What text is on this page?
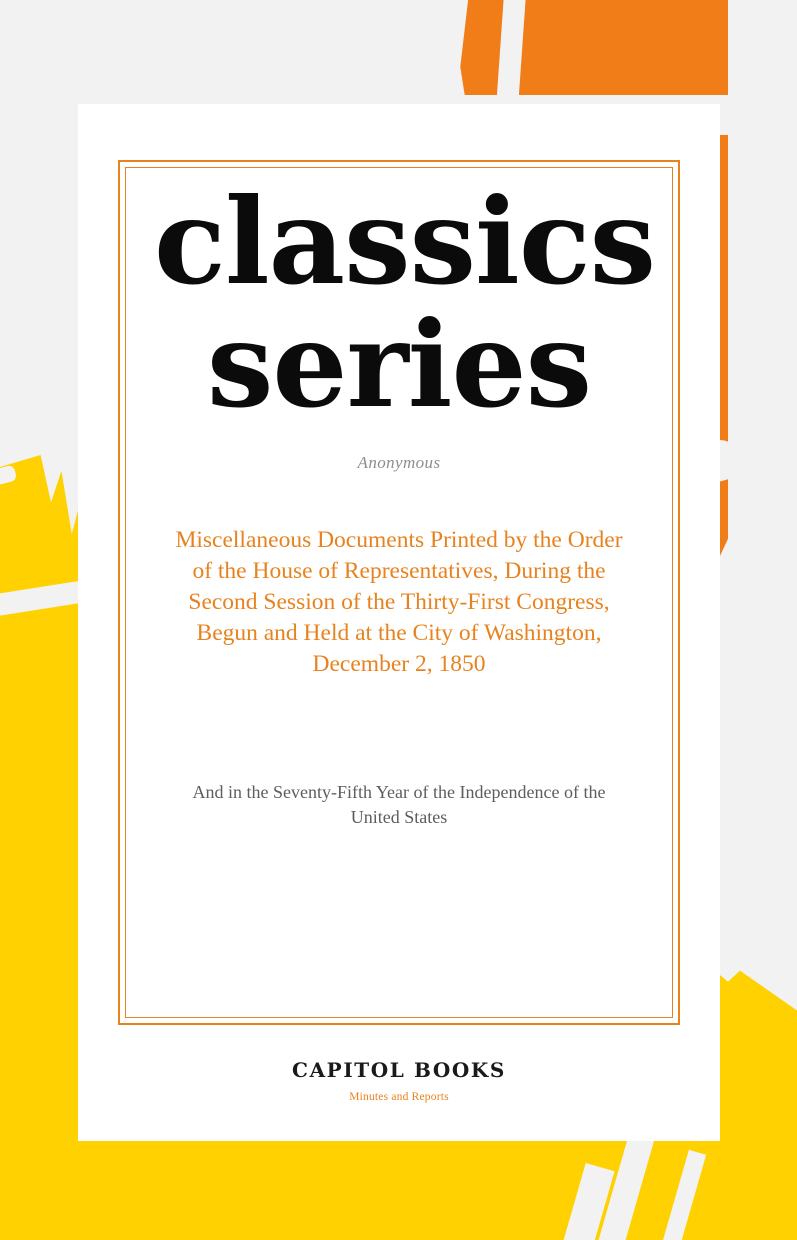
classics
series
Anonymous
Miscellaneous Documents Printed by the Order of the House of Representatives, During the Second Session of the Thirty-First Congress, Begun and Held at the City of Washington, December 2, 1850
And in the Seventy-Fifth Year of the Independence of the United States
CAPITOL BOOKS
Minutes and Reports
